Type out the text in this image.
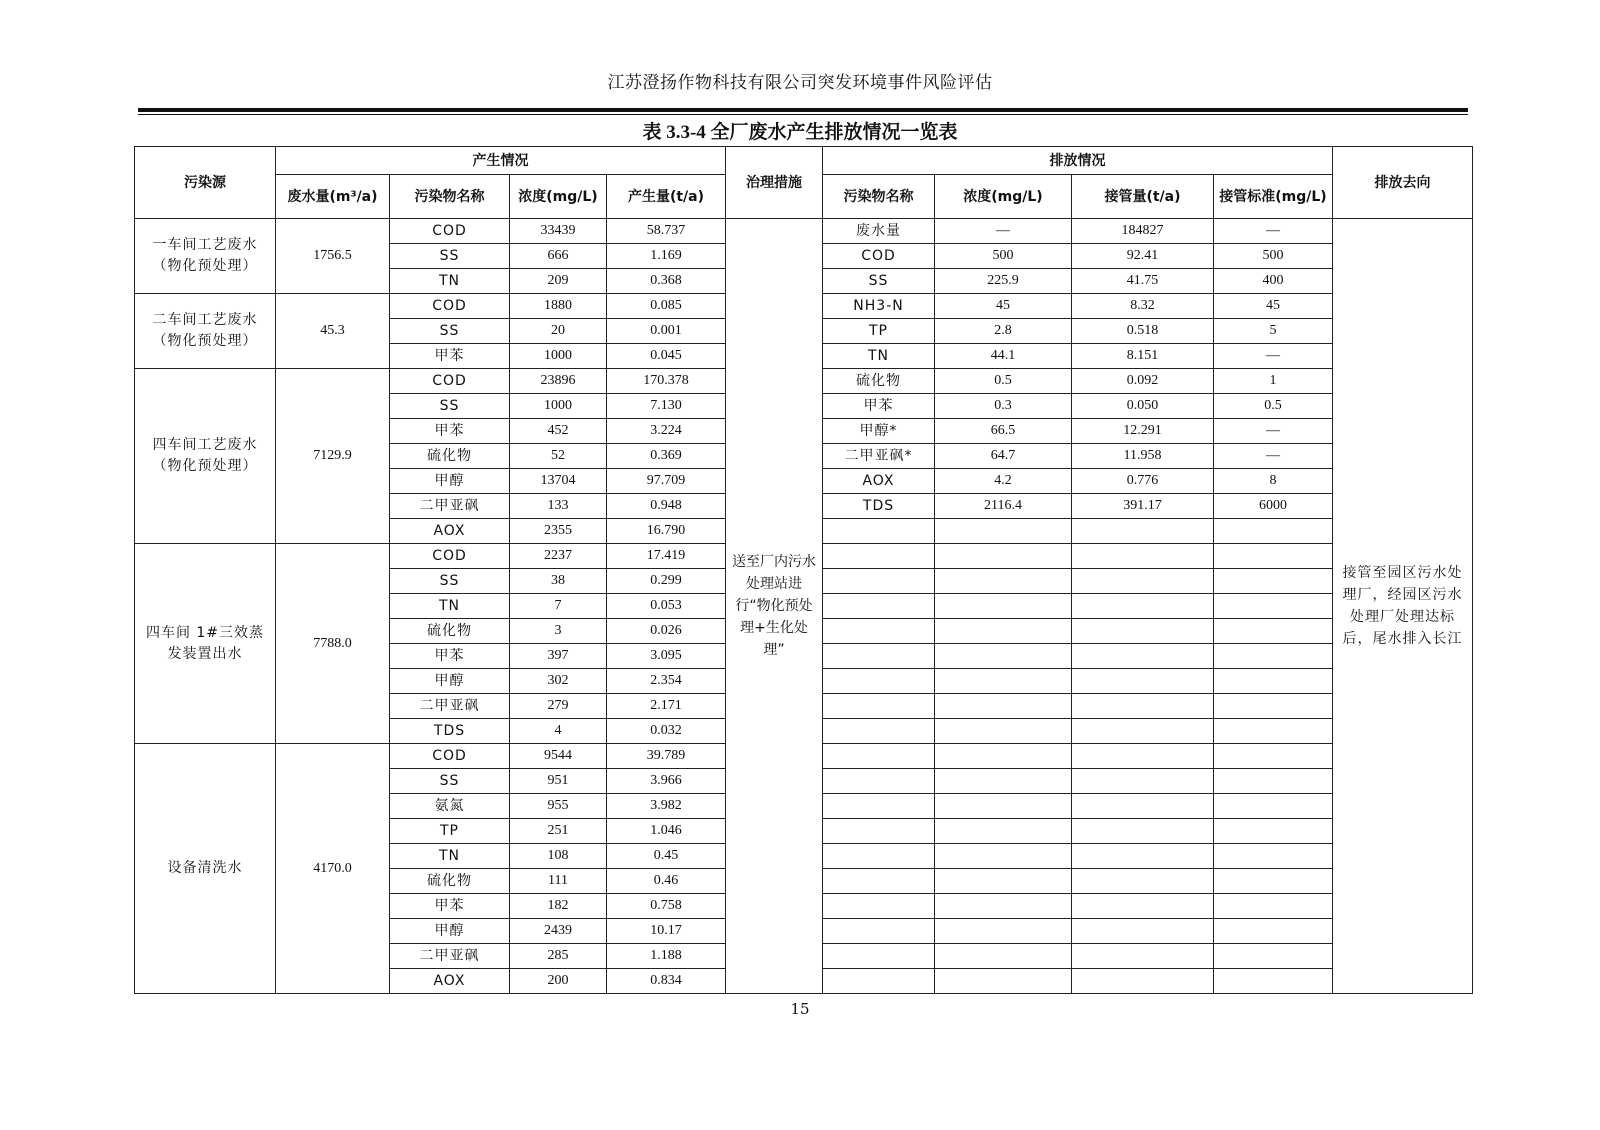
江苏澄扬作物科技有限公司突发环境事件风险评估
表 3.3-4 全厂废水产生排放情况一览表
污染源	产生情况				治理措施	排放情况				排放去向
	废水量(m³/a)	污染物名称	浓度(mg/L)	产生量(t/a)		污染物名称	浓度(mg/L)	接管量(t/a)	接管标准(mg/L)	
一车间工艺废水（物化预处理）	1756.5	COD	33439	58.737	送至厂内污水处理站进行“物化预处理+生化处理”	废水量	—	184827	—	接管至园区污水处理厂，经园区污水处理厂处理达标后，尾水排入长江
		SS	666	1.169		COD	500	92.41	500	
		TN	209	0.368		SS	225.9	41.75	400	
二车间工艺废水（物化预处理）	45.3	COD	1880	0.085		NH3-N	45	8.32	45	
		SS	20	0.001		TP	2.8	0.518	5	
		甲苯	1000	0.045		TN	44.1	8.151	—	
四车间工艺废水（物化预处理）	7129.9	COD	23896	170.378		硫化物	0.5	0.092	1	
		SS	1000	7.130		甲苯	0.3	0.050	0.5	
		甲苯	452	3.224		甲醇*	66.5	12.291	—	
		硫化物	52	0.369		二甲亚砜*	64.7	11.958	—	
		甲醇	13704	97.709		AOX	4.2	0.776	8	
		二甲亚砜	133	0.948		TDS	2116.4	391.17	6000	
		AOX	2355	16.790						
四车间 1#三效蒸发装置出水	7788.0	COD	2237	17.419						
		SS	38	0.299						
		TN	7	0.053						
		硫化物	3	0.026						
		甲苯	397	3.095						
		甲醇	302	2.354						
		二甲亚砜	279	2.171						
		TDS	4	0.032						
设备清洗水	4170.0	COD	9544	39.789						
		SS	951	3.966						
		氨氮	955	3.982						
		TP	251	1.046						
		TN	108	0.45						
		硫化物	111	0.46						
		甲苯	182	0.758						
		甲醇	2439	10.17						
		二甲亚砜	285	1.188						
		AOX	200	0.834						
15
